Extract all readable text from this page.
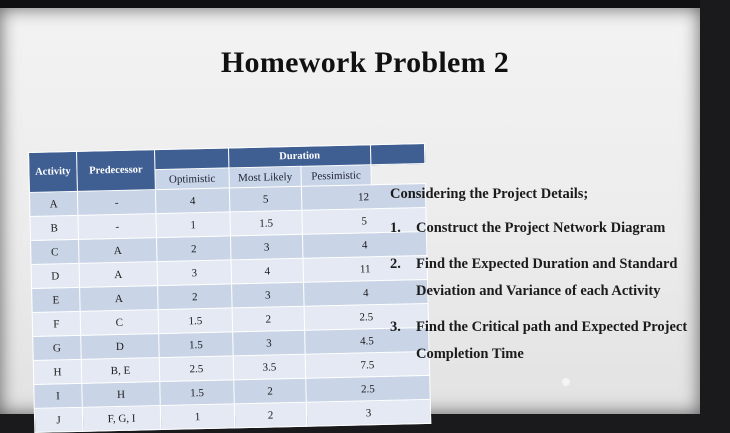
Homework Problem 2
Activity	Predecessor		Duration		
		Optimistic	Most Likely	Pessimistic
A	-	4	5	12	
B	-	1	1.5	5	
C	A	2	3	4	
D	A	3	4	11	
E	A	2	3	4	
F	C	1.5	2	2.5	
G	D	1.5	3	4.5	
H	B, E	2.5	3.5	7.5	
I	H	1.5	2	2.5	
J	F, G, I	1	2	3	
Considering the Project Details;
1.	Construct the Project Network Diagram
2.	Find the Expected Duration and Standard Deviation and Variance of each Activity
3.	Find the Critical path and Expected Project Completion Time
